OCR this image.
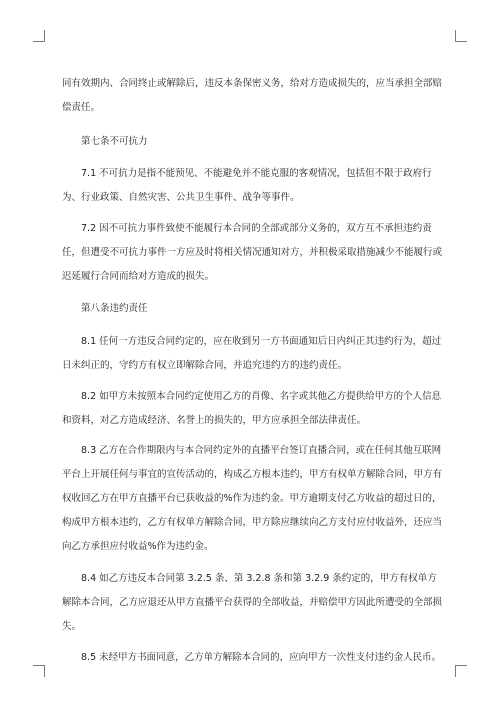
同有效期内、合同终止或解除后，违反本条保密义务，给对方造成损失的，应当承担全部赔偿责任。

第七条不可抗力

7.1 不可抗力是指不能预见、不能避免并不能克服的客观情况，包括但不限于政府行为、行业政策、自然灾害、公共卫生事件、战争等事件。

7.2 因不可抗力事件致使不能履行本合同的全部或部分义务的，双方互不承担违约责任，但遭受不可抗力事件一方应及时将相关情况通知对方，并积极采取措施减少不能履行或迟延履行合同而给对方造成的损失。

第八条违约责任

8.1 任何一方违反合同约定的，应在收到另一方书面通知后日内纠正其违约行为，超过日未纠正的，守约方有权立即解除合同，并追究违约方的违约责任。

8.2 如甲方未按照本合同约定使用乙方的肖像、名字或其他乙方提供给甲方的个人信息和资料，对乙方造成经济、名誉上的损失的，甲方应承担全部法律责任。

8.3 乙方在合作期限内与本合同约定外的直播平台签订直播合同，或在任何其他互联网平台上开展任何与事宜的宣传活动的，构成乙方根本违约，甲方有权单方解除合同，甲方有权收回乙方在甲方直播平台已获收益的%作为违约金。甲方逾期支付乙方收益的超过日的，构成甲方根本违约，乙方有权单方解除合同，甲方除应继续向乙方支付应付收益外，还应当向乙方承担应付收益%作为违约金。

8.4 如乙方违反本合同第 3.2.5 条、第 3.2.8 条和第 3.2.9 条约定的，甲方有权单方解除本合同，乙方应退还从甲方直播平台获得的全部收益，并赔偿甲方因此所遭受的全部损失。

8.5 未经甲方书面同意，乙方单方解除本合同的，应向甲方一次性支付违约金人民币。
